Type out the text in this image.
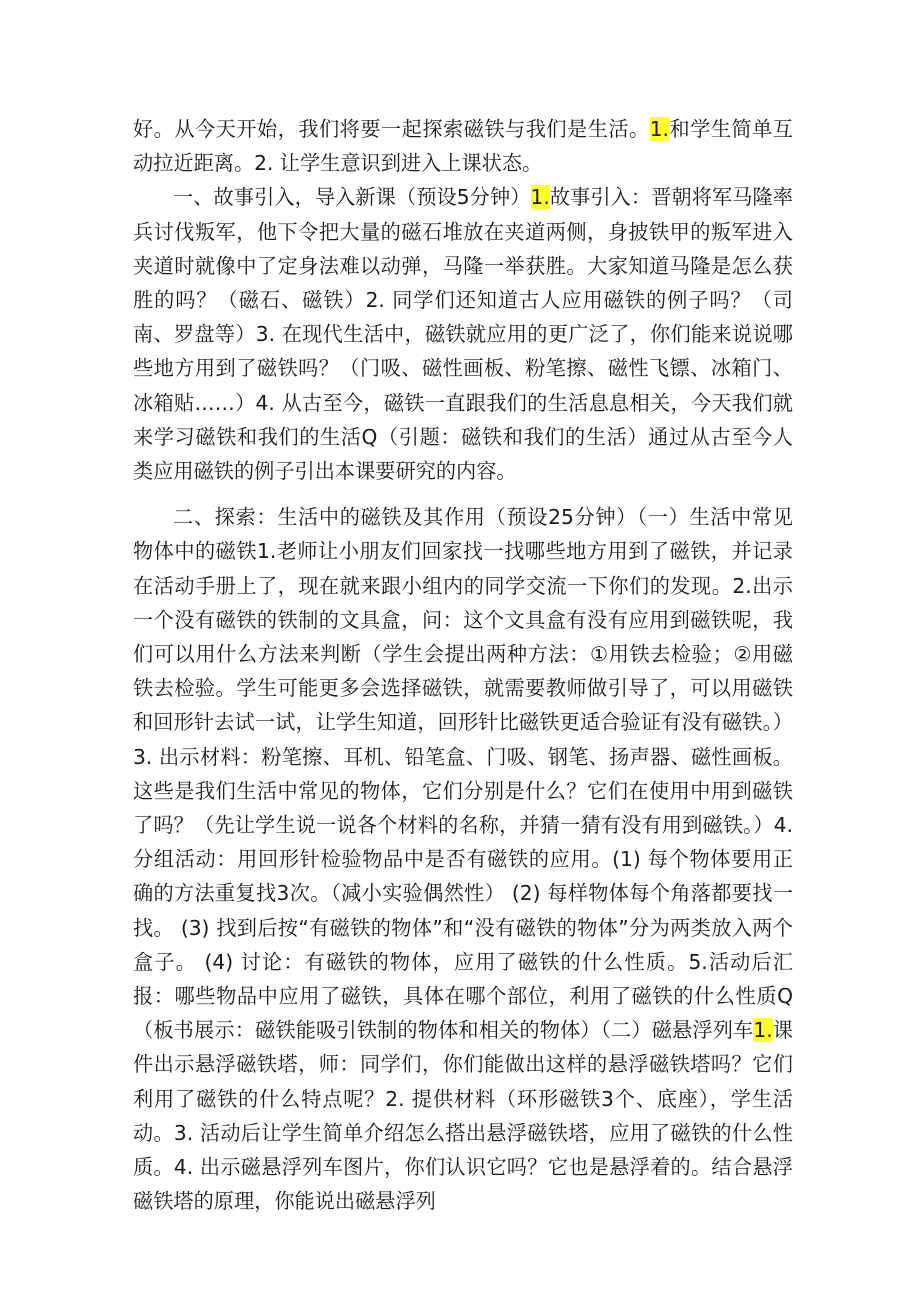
好。从今天开始，我们将要一起探索磁铁与我们是生活。1.和学生简单互动拉近距离。2. 让学生意识到进入上课状态。

一、故事引入，导入新课（预设5分钟）1.故事引入：晋朝将军马隆率兵讨伐叛军，他下令把大量的磁石堆放在夹道两侧，身披铁甲的叛军进入夹道时就像中了定身法难以动弹，马隆一举获胜。大家知道马隆是怎么获胜的吗？（磁石、磁铁）2. 同学们还知道古人应用磁铁的例子吗？（司南、罗盘等）3. 在现代生活中，磁铁就应用的更广泛了，你们能来说说哪些地方用到了磁铁吗？（门吸、磁性画板、粉笔擦、磁性飞镖、冰箱门、冰箱贴……）4. 从古至今，磁铁一直跟我们的生活息息相关，今天我们就来学习磁铁和我们的生活Q（引题：磁铁和我们的生活）通过从古至今人类应用磁铁的例子引出本课要研究的内容。

二、探索：生活中的磁铁及其作用（预设25分钟）（一）生活中常见物体中的磁铁1.老师让小朋友们回家找一找哪些地方用到了磁铁，并记录在活动手册上了，现在就来跟小组内的同学交流一下你们的发现。2.出示一个没有磁铁的铁制的文具盒，问：这个文具盒有没有应用到磁铁呢，我们可以用什么方法来判断（学生会提出两种方法：①用铁去检验；②用磁铁去检验。学生可能更多会选择磁铁，就需要教师做引导了，可以用磁铁和回形针去试一试，让学生知道，回形针比磁铁更适合验证有没有磁铁。）3. 出示材料：粉笔擦、耳机、铅笔盒、门吸、钢笔、扬声器、磁性画板。这些是我们生活中常见的物体，它们分别是什么？它们在使用中用到磁铁了吗？（先让学生说一说各个材料的名称，并猜一猜有没有用到磁铁。）4.分组活动：用回形针检验物品中是否有磁铁的应用。(1) 每个物体要用正确的方法重复找3次。（减小实验偶然性） (2) 每样物体每个角落都要找一找。 (3) 找到后按“有磁铁的物体”和“没有磁铁的物体”分为两类放入两个盒子。 (4) 讨论：有磁铁的物体，应用了磁铁的什么性质。5.活动后汇报：哪些物品中应用了磁铁，具体在哪个部位，利用了磁铁的什么性质Q（板书展示：磁铁能吸引铁制的物体和相关的物体）（二）磁悬浮列车1.课件出示悬浮磁铁塔，师：同学们，你们能做出这样的悬浮磁铁塔吗？它们利用了磁铁的什么特点呢？2. 提供材料（环形磁铁3个、底座），学生活动。3. 活动后让学生简单介绍怎么搭出悬浮磁铁塔，应用了磁铁的什么性质。4. 出示磁悬浮列车图片，你们认识它吗？它也是悬浮着的。结合悬浮磁铁塔的原理，你能说出磁悬浮列
